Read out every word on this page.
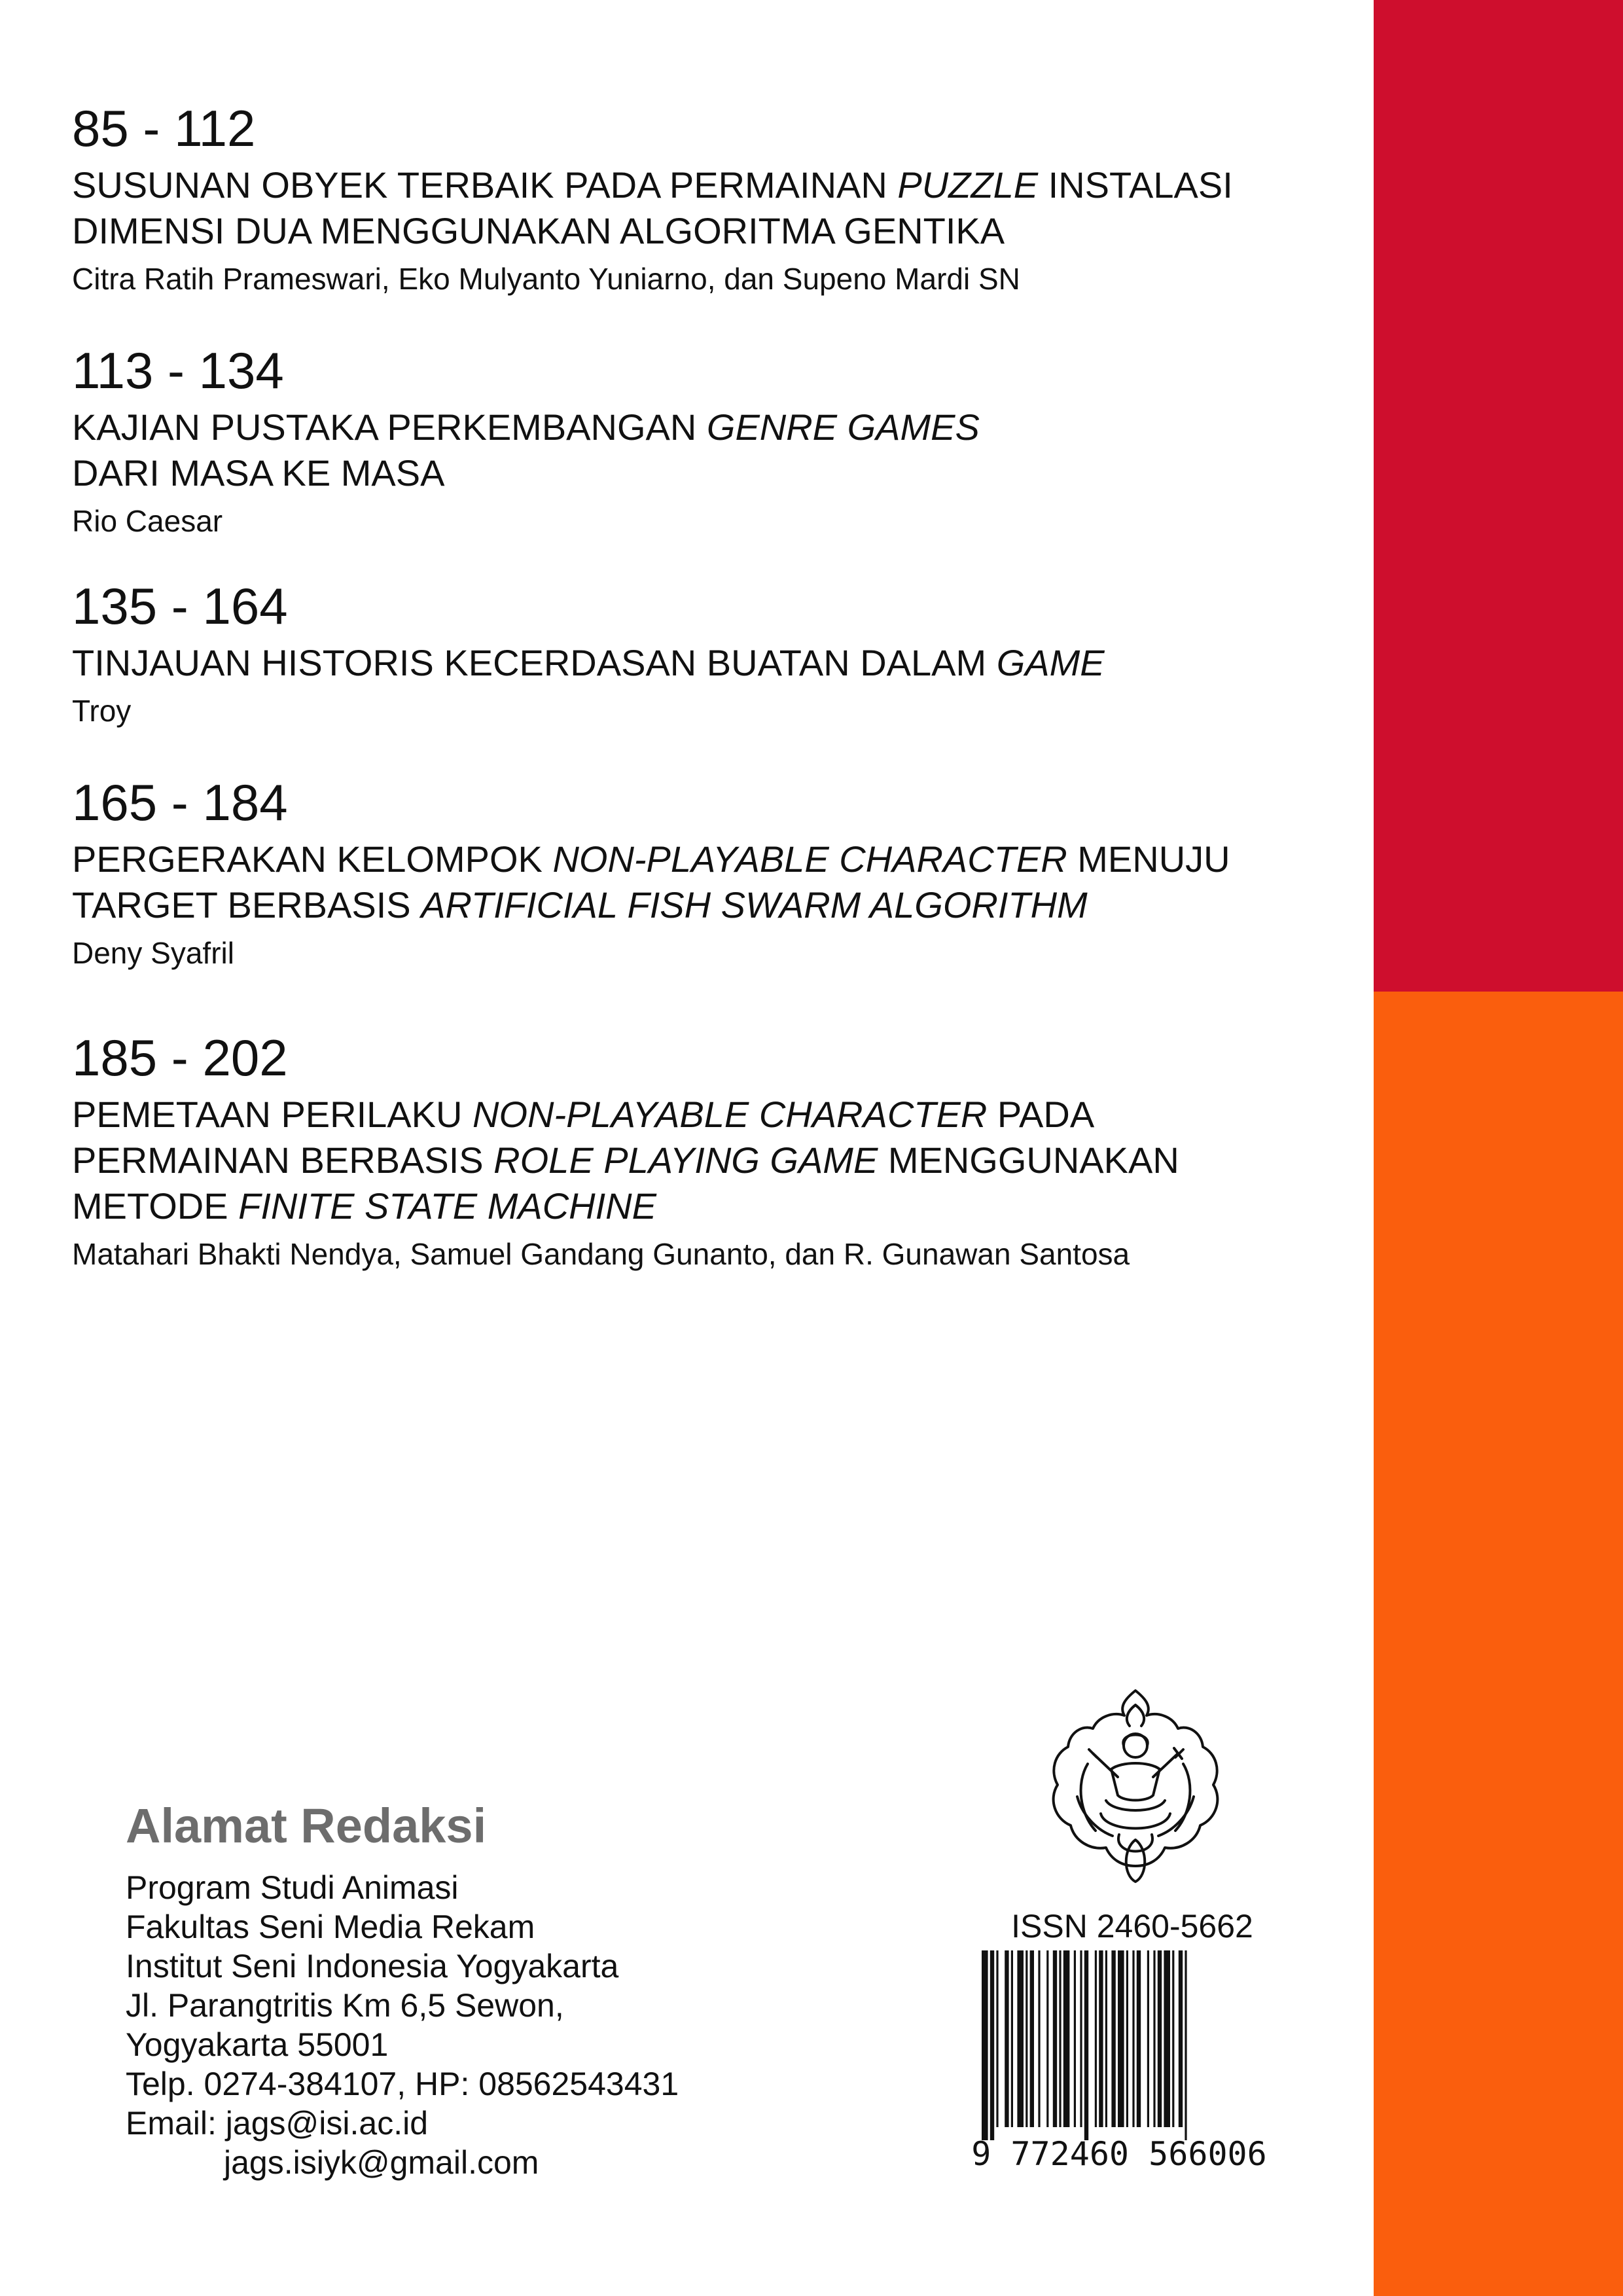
85 - 112
SUSUNAN OBYEK TERBAIK PADA PERMAINAN PUZZLE INSTALASI DIMENSI DUA MENGGUNAKAN ALGORITMA GENTIKA
Citra Ratih Prameswari, Eko Mulyanto Yuniarno, dan Supeno Mardi SN
113 - 134
KAJIAN PUSTAKA PERKEMBANGAN GENRE GAMES
DARI MASA KE MASA
Rio Caesar
135 - 164
TINJAUAN HISTORIS KECERDASAN BUATAN DALAM GAME
Troy
165 - 184
PERGERAKAN KELOMPOK NON-PLAYABLE CHARACTER MENUJU TARGET BERBASIS ARTIFICIAL FISH SWARM ALGORITHM
Deny Syafril
185 - 202
PEMETAAN PERILAKU NON-PLAYABLE CHARACTER PADA PERMAINAN BERBASIS ROLE PLAYING GAME MENGGUNAKAN METODE FINITE STATE MACHINE
Matahari Bhakti Nendya, Samuel Gandang Gunanto, dan R. Gunawan Santosa
Alamat Redaksi
Program Studi Animasi
Fakultas Seni Media Rekam
Institut Seni Indonesia Yogyakarta
Jl. Parangtritis Km 6,5 Sewon,
Yogyakarta 55001
Telp. 0274-384107, HP: 08562543431
Email: jags@isi.ac.id
jags.isiyk@gmail.com
ISSN 2460-5662
9 772460 566006
